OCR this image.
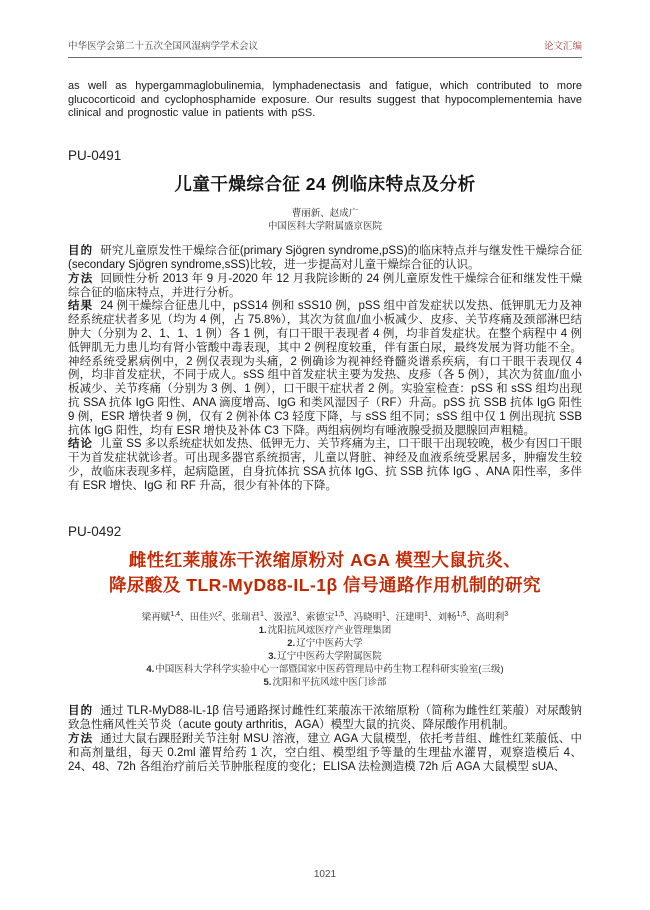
中华医学会第二十五次全国风湿病学学术会议	论文汇编

as well as hypergammaglobulinemia, lymphadenectasis and fatigue, which contributed to more glucocorticoid and cyclophosphamide exposure. Our results suggest that hypocomplementemia have clinical and prognostic value in patients with pSS.

PU-0491
儿童干燥综合征 24 例临床特点及分析
曹丽新、赵成广
中国医科大学附属盛京医院

目的 研究儿童原发性干燥综合征(primary Sjögren syndrome,pSS)的临床特点并与继发性干燥综合征(secondary Sjögren syndrome,sSS)比较，进一步提高对儿童干燥综合征的认识。

方法 回顾性分析 2013 年 9 月-2020 年 12 月我院诊断的 24 例儿童原发性干燥综合征和继发性干燥综合征的临床特点，并进行分析。

结果 24 例干燥综合征患儿中，pSS14 例和 sSS10 例，pSS 组中首发症状以发热、低钾肌无力及神经系统症状者多见（均为 4 例，占 75.8%），其次为贫血/血小板减少、皮疹、关节疼痛及颈部淋巴结肿大（分别为 2、1、1、1 例）各 1 例，有口干眼干表现者 4 例，均非首发症状。在整个病程中 4 例低钾肌无力患儿均有肾小管酸中毒表现，其中 2 例程度较重，伴有蛋白尿，最终发展为肾功能不全。神经系统受累病例中，2 例仅表现为头痛，2 例确诊为视神经脊髓炎谱系疾病，有口干眼干表现仅 4 例，均非首发症状，不同于成人。sSS 组中首发症状主要为发热、皮疹（各 5 例），其次为贫血/血小板减少、关节疼痛（分别为 3 例、1 例），口干眼干症状者 2 例。实验室检查：pSS 和 sSS 组均出现抗 SSA 抗体 IgG 阳性、ANA 滴度增高、IgG 和类风湿因子（RF）升高。pSS 抗 SSB 抗体 IgG 阳性 9 例，ESR 增快者 9 例，仅有 2 例补体 C3 轻度下降，与 sSS 组不同；sSS 组中仅 1 例出现抗 SSB 抗体 IgG 阳性，均有 ESR 增快及补体 C3 下降。两组病例均有唾液腺受损及腮腺回声粗糙。

结论 儿童 SS 多以系统症状如发热、低钾无力、关节疼痛为主，口干眼干出现较晚，极少有因口干眼干为首发症状就诊者。可出现多器官系统损害，儿童以肾脏、神经及血液系统受累居多，肿瘤发生较少，故临床表现多样，起病隐匿，自身抗体抗 SSA 抗体 IgG、抗 SSB 抗体 IgG 、ANA 阳性率，多伴有 ESR 增快、IgG 和 RF 升高，很少有补体的下降。

PU-0492
雌性红莱菔冻干浓缩原粉对 AGA 模型大鼠抗炎、
降尿酸及 TLR-MyD88-IL-1β 信号通路作用机制的研究
梁再赋$^{1,4}$、田佳兴$^2$、张瑞君$^1$、汲泓$^3$、索德宝$^{1,5}$、冯晓明$^1$、汪建明$^1$、刘畅$^{1,5}$、高明利$^3$
1.沈阳抗风竤医疗产业管理集团
2.辽宁中医药大学
3.辽宁中医药大学附属医院
4.中国医科大学科学实验中心一部暨国家中医药管理局中药生物工程科研实验室(三级)
5.沈阳和平抗风竤中医门诊部

目的 通过 TLR-MyD88-IL-1β 信号通路探讨雌性红莱菔冻干浓缩原粉（简称为雌性红莱菔）对尿酸钠致急性痛风性关节炎（acute gouty arthritis，AGA）模型大鼠的抗炎、降尿酸作用机制。

方法 通过大鼠右踝胫跗关节注射 MSU 溶液，建立 AGA 大鼠模型，依托考昔组、雌性红莱菔低、中和高剂量组，每天 0.2ml 灌胃给药 1 次，空白组、模型组予等量的生理盐水灌胃，观察造模后 4、24、48、72h 各组治疗前后关节肿胀程度的变化；ELISA 法检测造模 72h 后 AGA 大鼠模型 sUA、

1021
